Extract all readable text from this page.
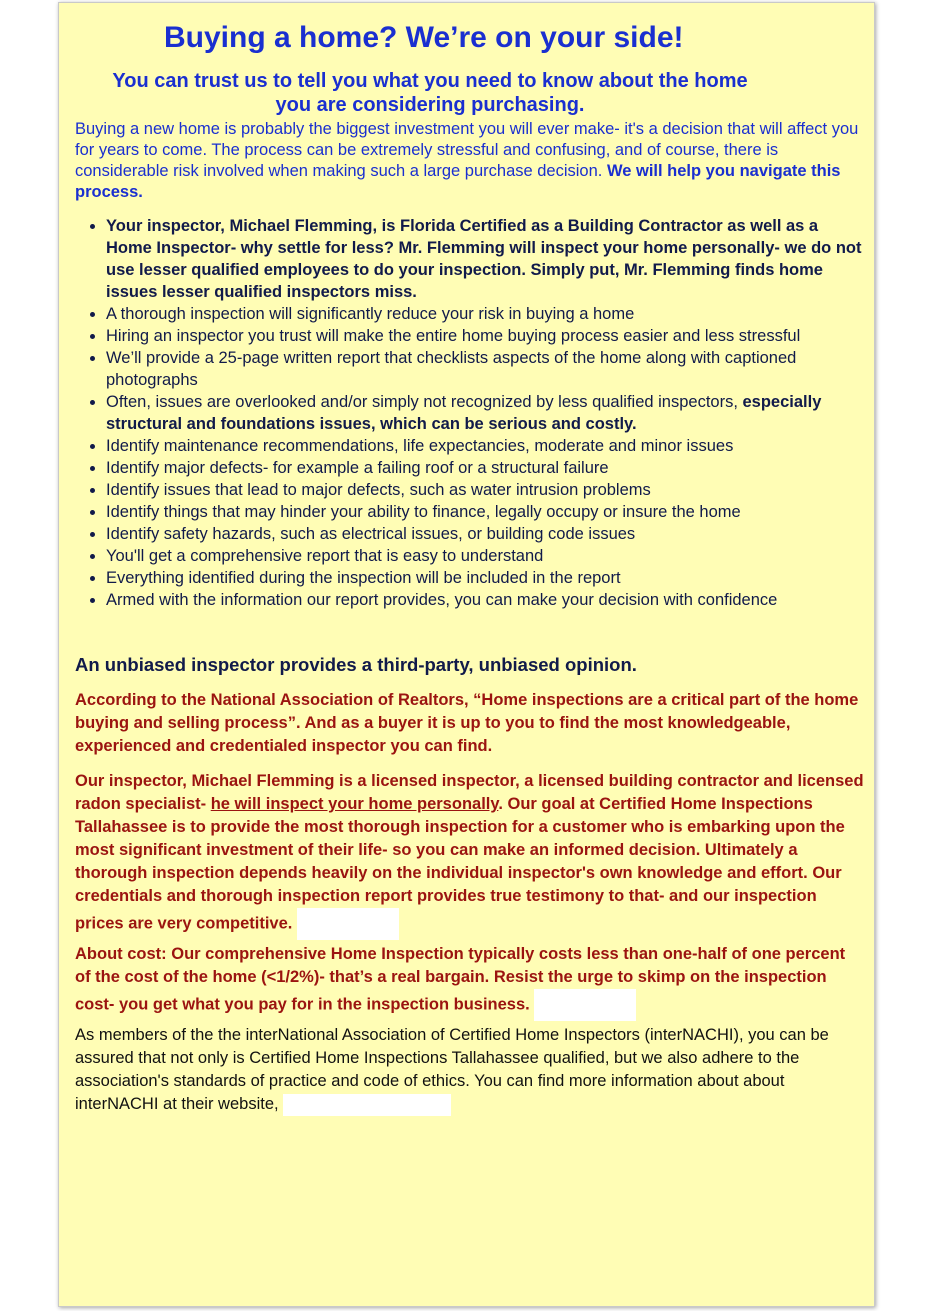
Buying a home? We’re on your side!
You can trust us to tell you what you need to know about the home
you are considering purchasing.
Buying a new home is probably the biggest investment you will ever make- it's a decision that will affect you for years to come. The process can be extremely stressful and confusing, and of course, there is considerable risk involved when making such a large purchase decision. We will help you navigate this process.
• Your inspector, Michael Flemming, is Florida Certified as a Building Contractor as well as a Home Inspector- why settle for less? Mr. Flemming will inspect your home personally- we do not use lesser qualified employees to do your inspection. Simply put, Mr. Flemming finds home issues lesser qualified inspectors miss.
• A thorough inspection will significantly reduce your risk in buying a home
• Hiring an inspector you trust will make the entire home buying process easier and less stressful
• We’ll provide a 25-page written report that checklists aspects of the home along with captioned photographs
• Often, issues are overlooked and/or simply not recognized by less qualified inspectors, especially structural and foundations issues, which can be serious and costly.
• Identify maintenance recommendations, life expectancies, moderate and minor issues
• Identify major defects- for example a failing roof or a structural failure
• Identify issues that lead to major defects, such as water intrusion problems
• Identify things that may hinder your ability to finance, legally occupy or insure the home
• Identify safety hazards, such as electrical issues, or building code issues
• You'll get a comprehensive report that is easy to understand
• Everything identified during the inspection will be included in the report
• Armed with the information our report provides, you can make your decision with confidence
An unbiased inspector provides a third-party, unbiased opinion.
According to the National Association of Realtors, “Home inspections are a critical part of the home buying and selling process”. And as a buyer it is up to you to find the most knowledgeable, experienced and credentialed inspector you can find.
Our inspector, Michael Flemming is a licensed inspector, a licensed building contractor and licensed radon specialist- he will inspect your home personally. Our goal at Certified Home Inspections Tallahassee is to provide the most thorough inspection for a customer who is embarking upon the most significant investment of their life- so you can make an informed decision. Ultimately a thorough inspection depends heavily on the individual inspector's own knowledge and effort. Our credentials and thorough inspection report provides true testimony to that- and our inspection prices are very competitive.
About cost: Our comprehensive Home Inspection typically costs less than one-half of one percent of the cost of the home (<1/2%)- that’s a real bargain. Resist the urge to skimp on the inspection cost- you get what you pay for in the inspection business.
As members of the the interNational Association of Certified Home Inspectors (interNACHI), you can be assured that not only is Certified Home Inspections Tallahassee qualified, but we also adhere to the association's standards of practice and code of ethics. You can find more information about about interNACHI at their website,
